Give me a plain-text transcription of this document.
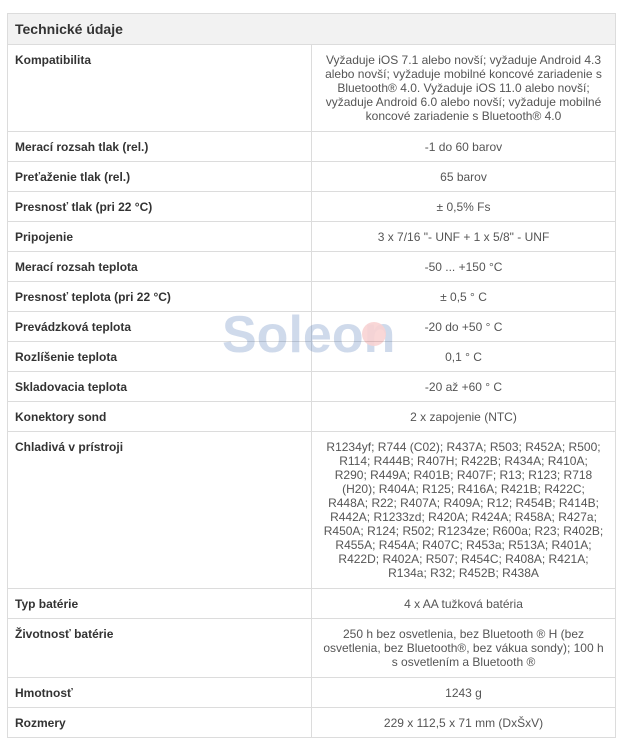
Technické údaje	
Kompatibilita	Vyžaduje iOS 7.1 alebo novší; vyžaduje Android 4.3 alebo novší; vyžaduje mobilné koncové zariadenie s Bluetooth® 4.0. Vyžaduje iOS 11.0 alebo novší; vyžaduje Android 6.0 alebo novší; vyžaduje mobilné koncové zariadenie s Bluetooth® 4.0
Merací rozsah tlak (rel.)	-1 do 60 barov
Preťaženie tlak (rel.)	65 barov
Presnosť tlak (pri 22 °C)	± 0,5% Fs
Pripojenie	3 x 7/16 "- UNF + 1 x 5/8" - UNF
Merací rozsah teplota	-50 ... +150 °C
Presnosť teplota (pri 22 °C)	± 0,5 ° C
Prevádzková teplota	-20 do +50 ° C
Rozlíšenie teplota	0,1 ° C
Skladovacia teplota	-20 až +60 ° C
Konektory sond	2 x zapojenie (NTC)
Chladivá v prístroji	R1234yf; R744 (C02); R437A; R503; R452A; R500; R114; R444B; R407H; R422B; R434A; R410A; R290; R449A; R401B; R407F; R13; R123; R718 (H20); R404A; R125; R416A; R421B; R422C; R448A; R22; R407A; R409A; R12; R454B; R414B; R442A; R1233zd; R420A; R424A; R458A; R427a; R450A; R124; R502; R1234ze; R600a; R23; R402B; R455A; R454A; R407C; R453a; R513A; R401A; R422D; R402A; R507; R454C; R408A; R421A; R134a; R32; R452B; R438A
Typ batérie	4 x AA tužková batéria
Životnosť batérie	250 h bez osvetlenia, bez Bluetooth ® H (bez osvetlenia, bez Bluetooth®, bez vákua sondy); 100 h s osvetlením a Bluetooth ®
Hmotnosť	1243 g
Rozmery	229 x 112,5 x 71 mm (DxŠxV)
Soleon
